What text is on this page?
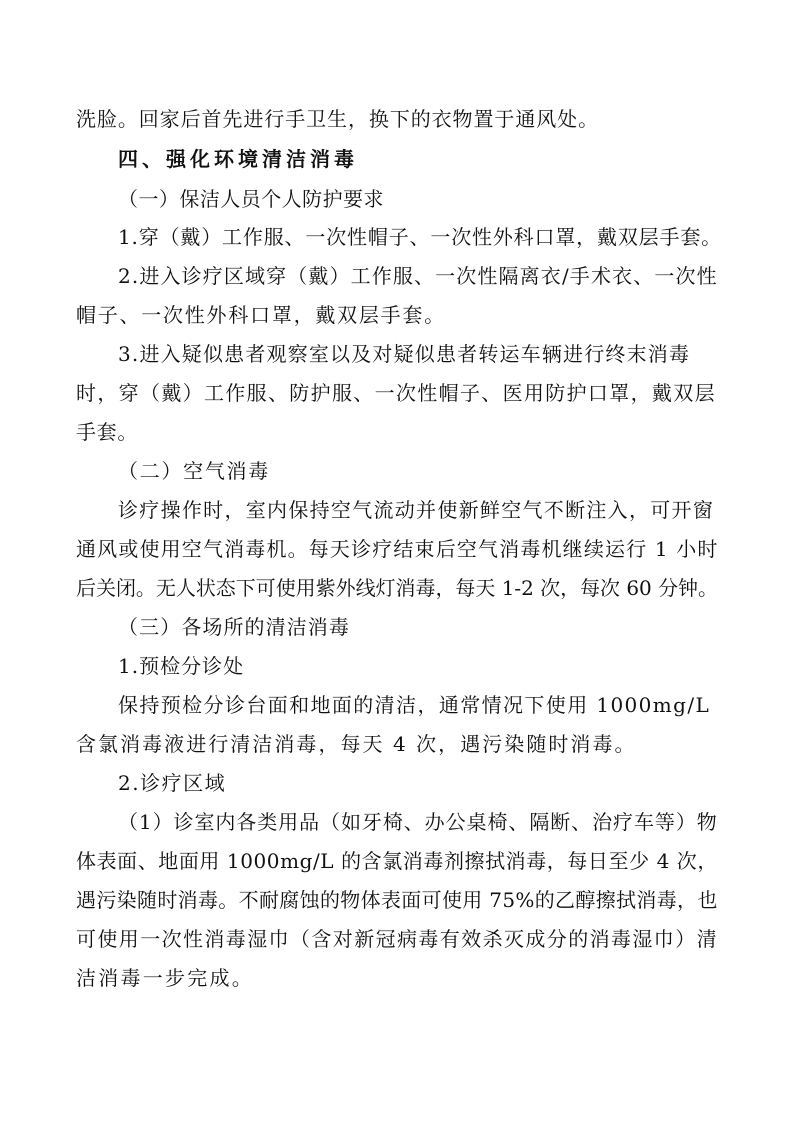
洗脸。回家后首先进行手卫生，换下的衣物置于通风处。
四、强化环境清洁消毒
（一）保洁人员个人防护要求
1.穿（戴）工作服、一次性帽子、一次性外科口罩，戴双层手套。
2.进入诊疗区域穿（戴）工作服、一次性隔离衣/手术衣、一次性
帽子、一次性外科口罩，戴双层手套。
3.进入疑似患者观察室以及对疑似患者转运车辆进行终末消毒
时，穿（戴）工作服、防护服、一次性帽子、医用防护口罩，戴双层
手套。
（二）空气消毒
诊疗操作时，室内保持空气流动并使新鲜空气不断注入，可开窗
通风或使用空气消毒机。每天诊疗结束后空气消毒机继续运行 1 小时
后关闭。无人状态下可使用紫外线灯消毒，每天 1-2 次，每次 60 分钟。
（三）各场所的清洁消毒
1.预检分诊处
保持预检分诊台面和地面的清洁，通常情况下使用 1000mg/L
含氯消毒液进行清洁消毒，每天 4 次，遇污染随时消毒。
2.诊疗区域
（1）诊室内各类用品（如牙椅、办公桌椅、隔断、治疗车等）物
体表面、地面用 1000mg/L 的含氯消毒剂擦拭消毒，每日至少 4 次，
遇污染随时消毒。不耐腐蚀的物体表面可使用 75%的乙醇擦拭消毒，也
可使用一次性消毒湿巾（含对新冠病毒有效杀灭成分的消毒湿巾）清
洁消毒一步完成。
